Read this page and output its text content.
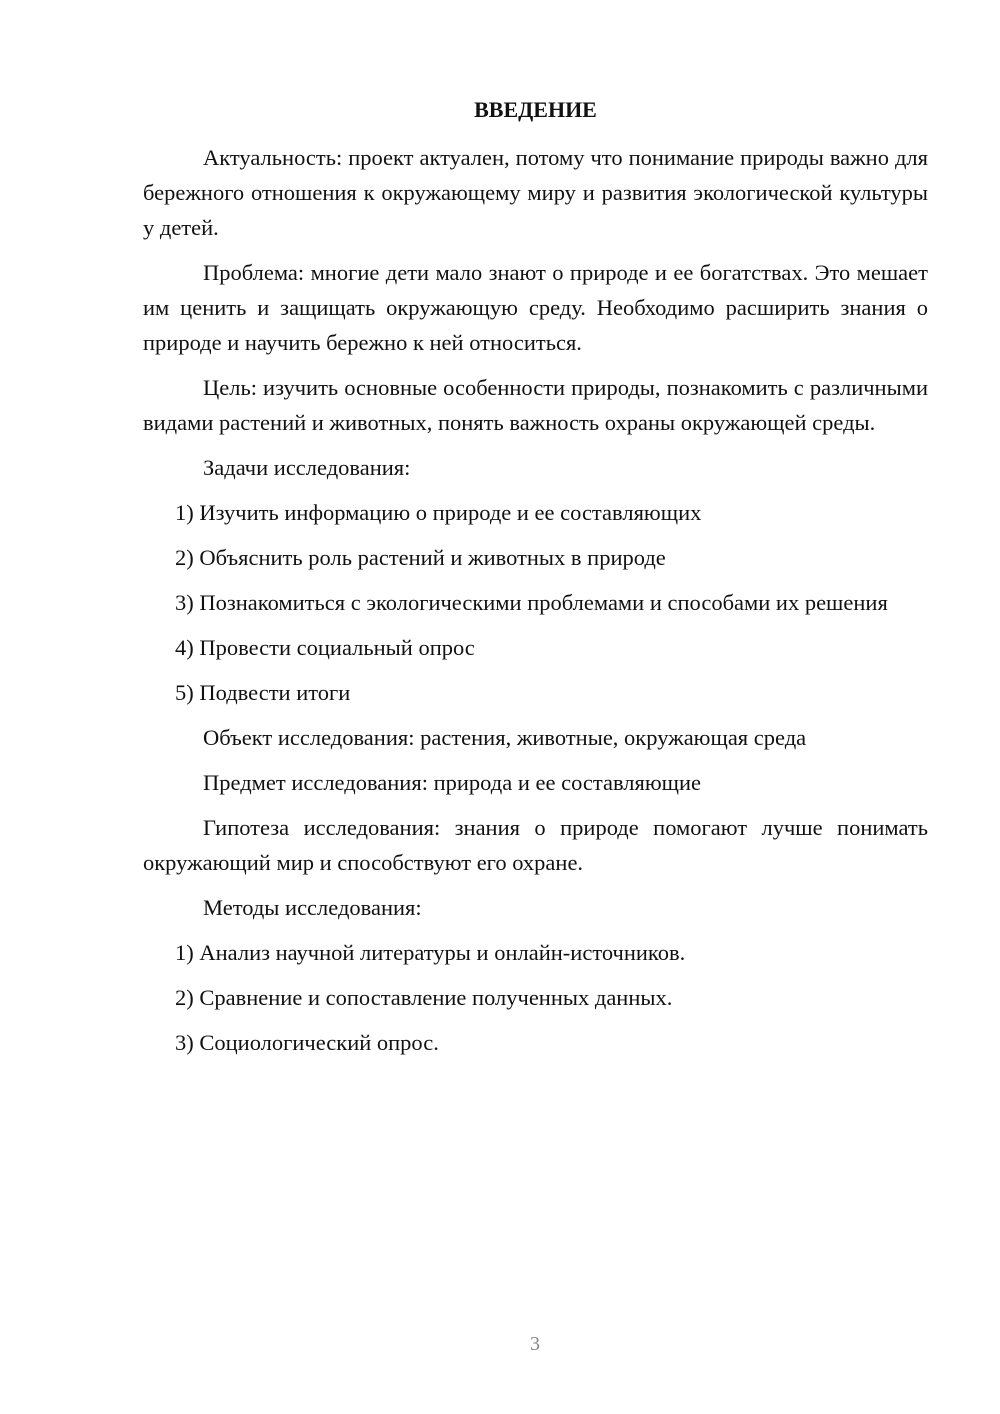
ВВЕДЕНИЕ

Актуальность: проект актуален, потому что понимание природы важно для бережного отношения к окружающему миру и развития экологической культуры у детей.

Проблема: многие дети мало знают о природе и ее богатствах. Это мешает им ценить и защищать окружающую среду. Необходимо расширить знания о природе и научить бережно к ней относиться.

Цель: изучить основные особенности природы, познакомить с различными видами растений и животных, понять важность охраны окружающей среды.

Задачи исследования:

1) Изучить информацию о природе и ее составляющих

2) Объяснить роль растений и животных в природе

3) Познакомиться с экологическими проблемами и способами их решения

4) Провести социальный опрос

5) Подвести итоги

Объект исследования: растения, животные, окружающая среда

Предмет исследования: природа и ее составляющие

Гипотеза исследования: знания о природе помогают лучше понимать окружающий мир и способствуют его охране.

Методы исследования:

1) Анализ научной литературы и онлайн-источников.

2) Сравнение и сопоставление полученных данных.

3) Социологический опрос.

3
